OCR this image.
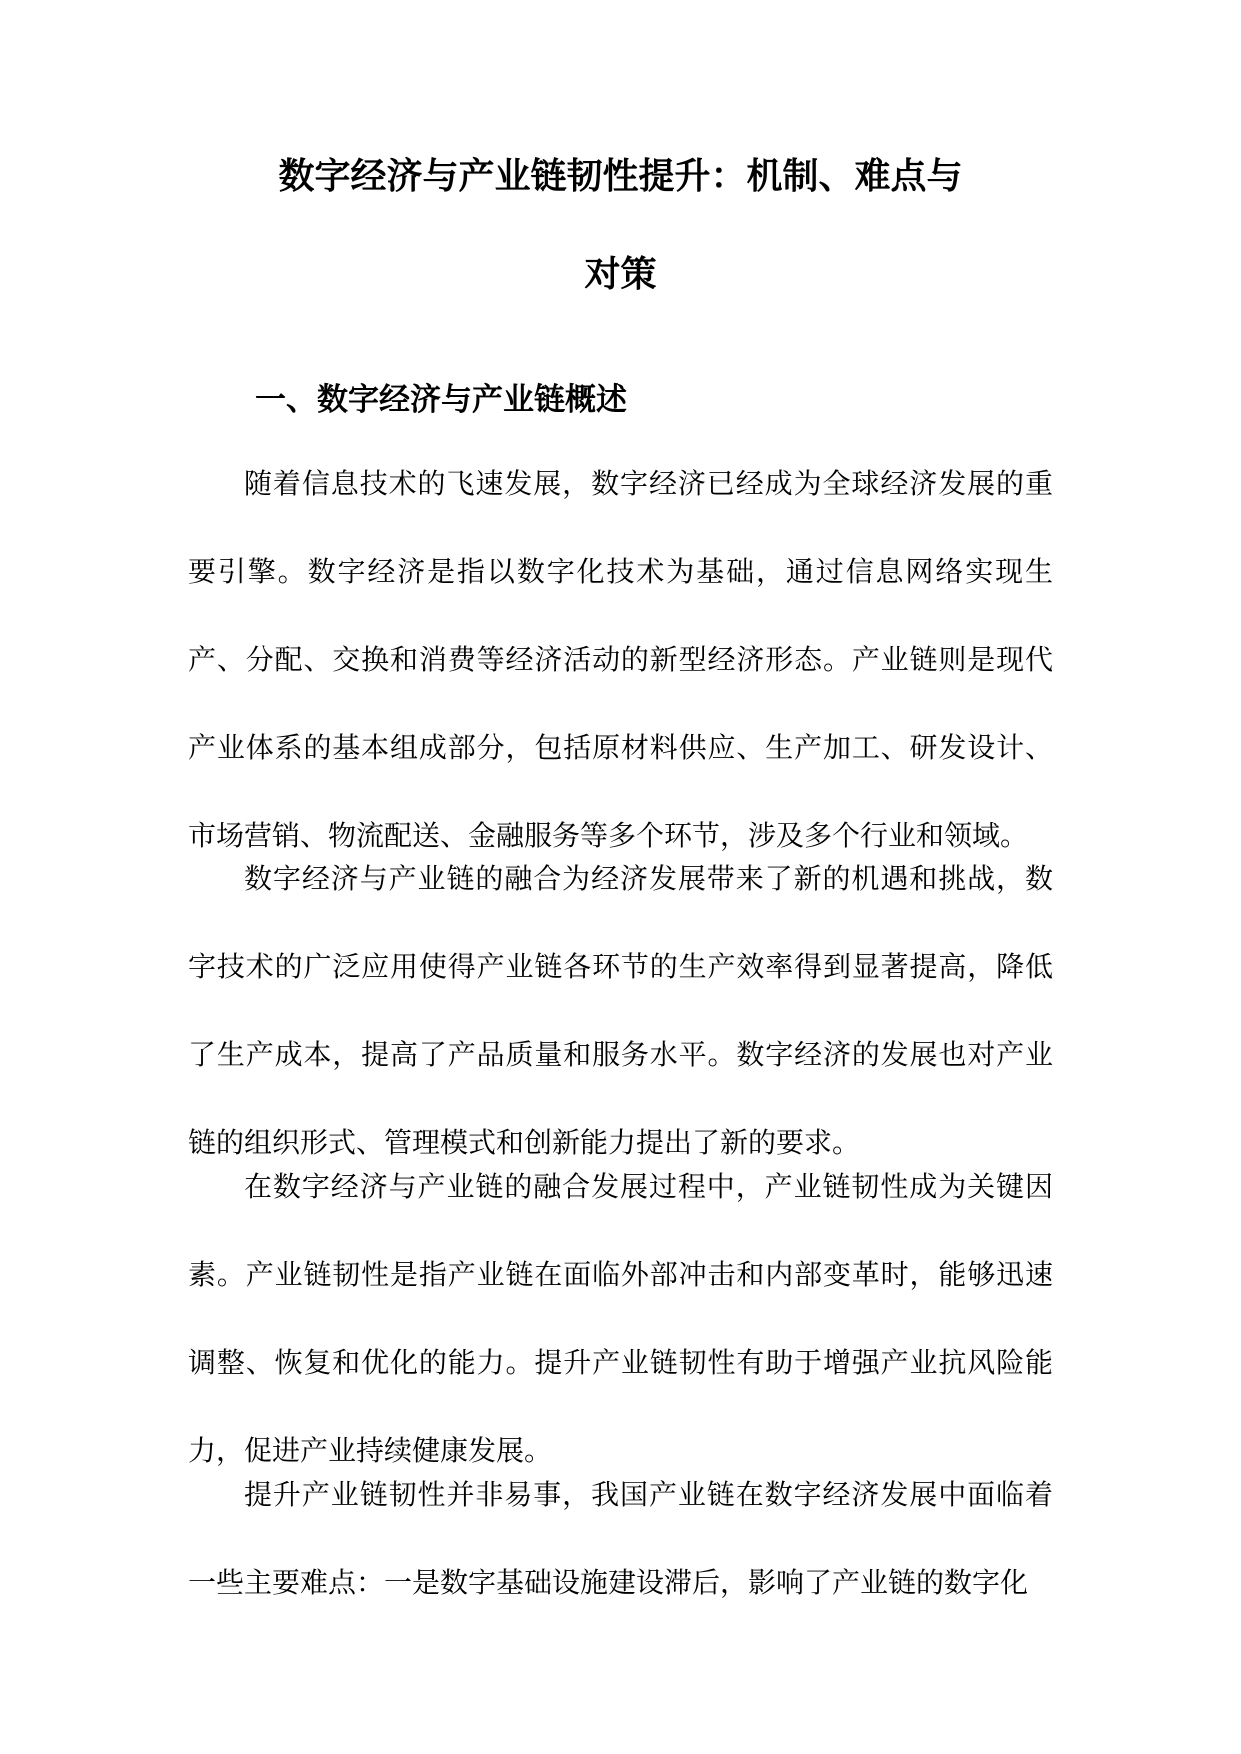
数字经济与产业链韧性提升：机制、难点与
对策
一、数字经济与产业链概述

随着信息技术的飞速发展，数字经济已经成为全球经济发展的重要引擎。数字经济是指以数字化技术为基础，通过信息网络实现生产、分配、交换和消费等经济活动的新型经济形态。产业链则是现代产业体系的基本组成部分，包括原材料供应、生产加工、研发设计、市场营销、物流配送、金融服务等多个环节，涉及多个行业和领域。

数字经济与产业链的融合为经济发展带来了新的机遇和挑战，数字技术的广泛应用使得产业链各环节的生产效率得到显著提高，降低了生产成本，提高了产品质量和服务水平。数字经济的发展也对产业链的组织形式、管理模式和创新能力提出了新的要求。

在数字经济与产业链的融合发展过程中，产业链韧性成为关键因素。产业链韧性是指产业链在面临外部冲击和内部变革时，能够迅速调整、恢复和优化的能力。提升产业链韧性有助于增强产业抗风险能力，促进产业持续健康发展。

提升产业链韧性并非易事，我国产业链在数字经济发展中面临着一些主要难点：一是数字基础设施建设滞后，影响了产业链的数字化
